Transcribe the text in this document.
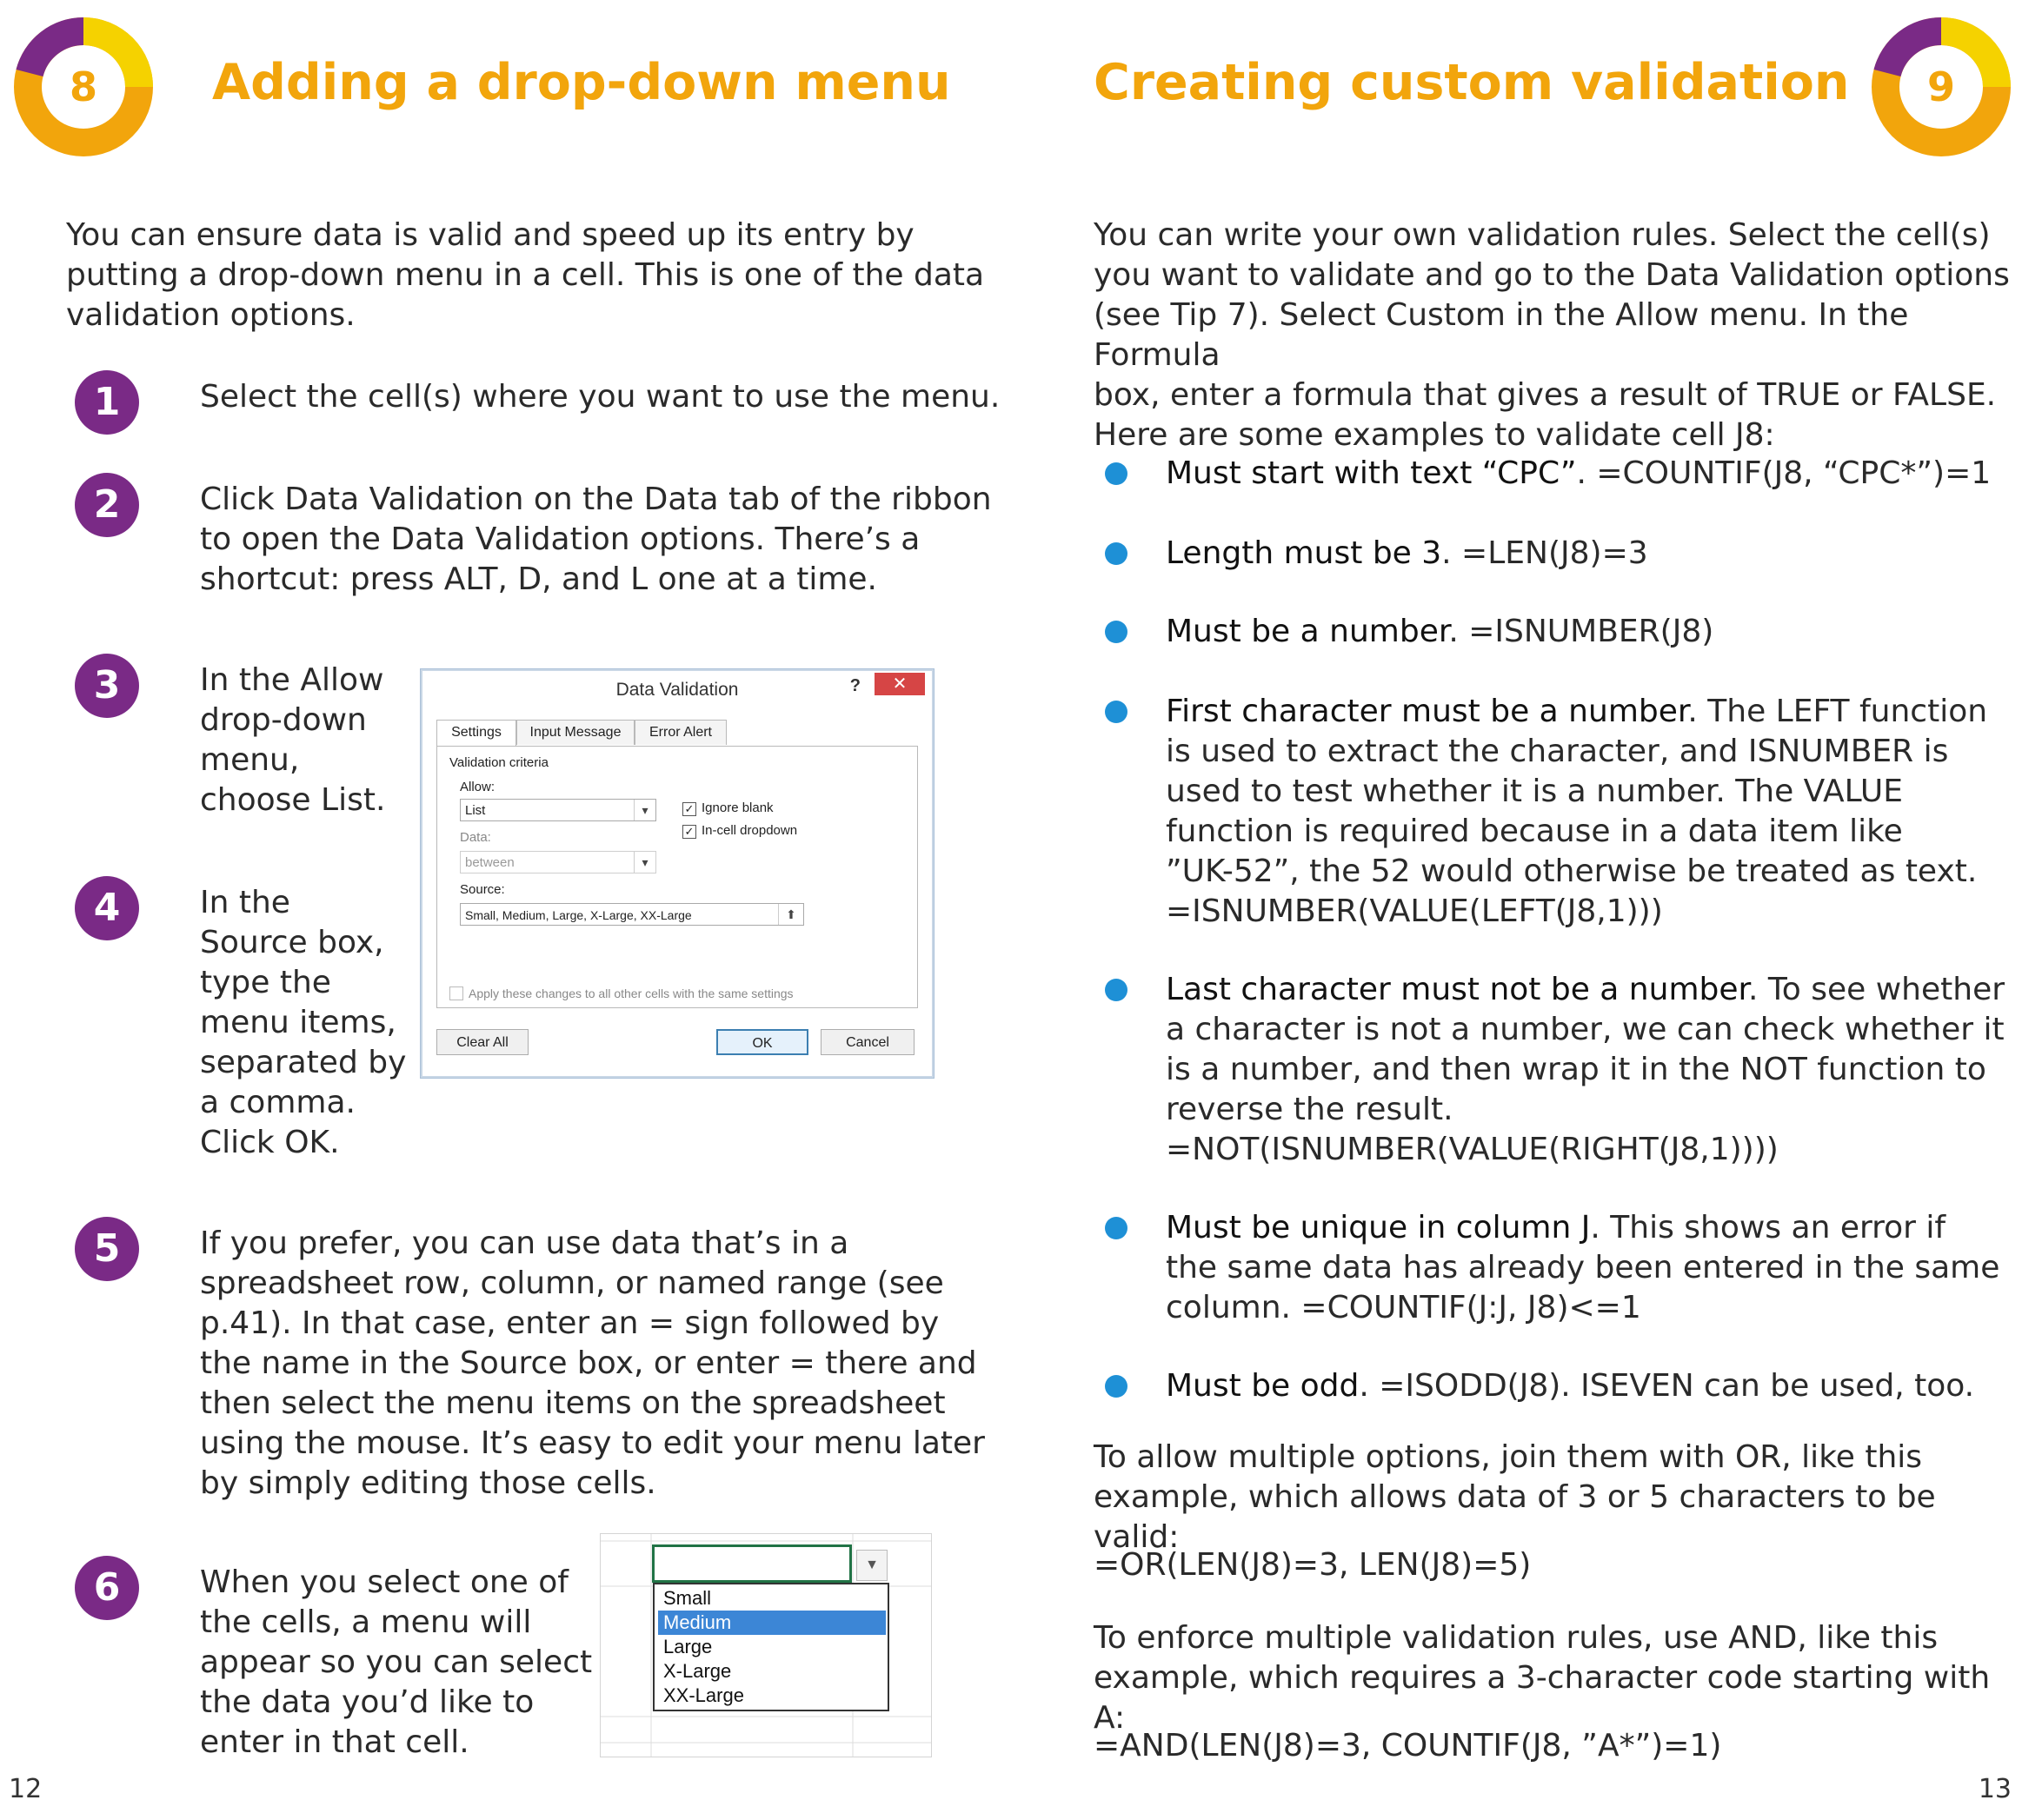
8 Adding a drop-down menu

You can ensure data is valid and speed up its entry by
putting a drop-down menu in a cell. This is one of the data
validation options.

1	Select the cell(s) where you want to use the menu.

2	Click Data Validation on the Data tab of the ribbon
to open the Data Validation options. There’s a
shortcut: press ALT, D, and L one at a time.

3	In the Allow
drop-down
menu,
choose List.

4	In the
Source box,
type the
menu items,
separated by
a comma.
Click OK.

Data Validation	?	✕
Settings	Input Message	Error Alert
Validation criteria
Allow:
List	▾	✓ Ignore blank
✓ In-cell dropdown
Data:
between	▾
Source:
Small, Medium, Large, X-Large, XX-Large	⬆
Apply these changes to all other cells with the same settings
Clear All	OK	Cancel
5	If you prefer, you can use data that’s in a
spreadsheet row, column, or named range (see
p.41). In that case, enter an = sign followed by
the name in the Source box, or enter = there and
then select the menu items on the spreadsheet
using the mouse. It’s easy to edit your menu later
by simply editing those cells.

6	When you select one of
the cells, a menu will
appear so you can select
the data you’d like to
enter in that cell.

▼
Small
Medium
Large
X-Large
XX-Large
12
Creating custom validation 9

You can write your own validation rules. Select the cell(s)
you want to validate and go to the Data Validation options
(see Tip 7). Select Custom in the Allow menu. In the Formula
box, enter a formula that gives a result of TRUE or FALSE.
Here are some examples to validate cell J8:

Must start with text “CPC”. =COUNTIF(J8, “CPC*”)=1

Length must be 3. =LEN(J8)=3

Must be a number. =ISNUMBER(J8)

First character must be a number. The LEFT function
is used to extract the character, and ISNUMBER is
used to test whether it is a number. The VALUE
function is required because in a data item like
”UK-52”, the 52 would otherwise be treated as text.
=ISNUMBER(VALUE(LEFT(J8,1)))

Last character must not be a number. To see whether
a character is not a number, we can check whether it
is a number, and then wrap it in the NOT function to
reverse the result.
=NOT(ISNUMBER(VALUE(RIGHT(J8,1))))

Must be unique in column J. This shows an error if
the same data has already been entered in the same
column. =COUNTIF(J:J, J8)<=1

Must be odd. =ISODD(J8). ISEVEN can be used, too.

To allow multiple options, join them with OR, like this
example, which allows data of 3 or 5 characters to be valid:

=OR(LEN(J8)=3, LEN(J8)=5)

To enforce multiple validation rules, use AND, like this
example, which requires a 3-character code starting with A:

=AND(LEN(J8)=3, COUNTIF(J8, ”A*”)=1)

13
